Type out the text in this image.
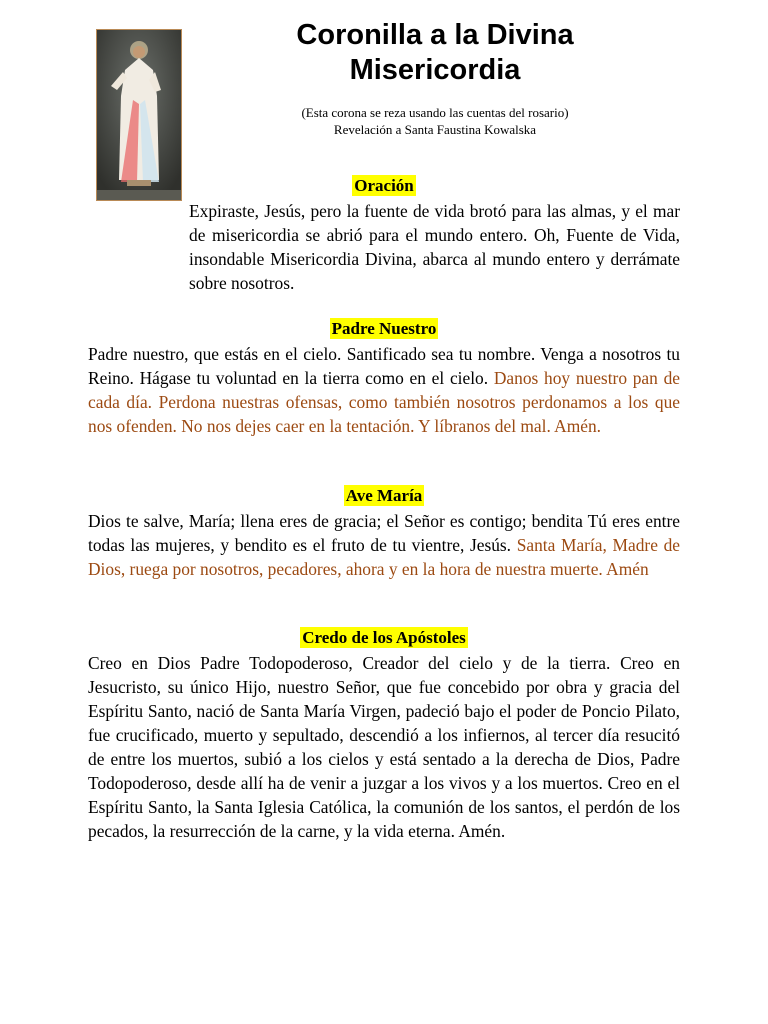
Coronilla a la Divina
Misericordia
(Esta corona se reza usando las cuentas del rosario)
Revelación a Santa Faustina Kowalska
Oración
Expiraste, Jesús, pero la fuente de vida brotó para las almas, y el mar de misericordia se abrió para el mundo entero. Oh, Fuente de Vida, insondable Misericordia Divina, abarca al mundo entero y derrámate sobre nosotros.
Padre Nuestro
Padre nuestro, que estás en el cielo. Santificado sea tu nombre. Venga a nosotros tu Reino. Hágase tu voluntad en la tierra como en el cielo. Danos hoy nuestro pan de cada día. Perdona nuestras ofensas, como también nosotros perdonamos a los que nos ofenden. No nos dejes caer en la tentación. Y líbranos del mal. Amén.
Ave María
Dios te salve, María; llena eres de gracia; el Señor es contigo; bendita Tú eres entre todas las mujeres, y bendito es el fruto de tu vientre, Jesús. Santa María, Madre de Dios, ruega por nosotros, pecadores, ahora y en la hora de nuestra muerte. Amén
Credo de los Apóstoles
Creo en Dios Padre Todopoderoso, Creador del cielo y de la tierra. Creo en Jesucristo, su único Hijo, nuestro Señor, que fue concebido por obra y gracia del Espíritu Santo, nació de Santa María Virgen, padeció bajo el poder de Poncio Pilato, fue crucificado, muerto y sepultado, descendió a los infiernos, al tercer día resucitó de entre los muertos, subió a los cielos y está sentado a la derecha de Dios, Padre Todopoderoso, desde allí ha de venir a juzgar a los vivos y a los muertos. Creo en el Espíritu Santo, la Santa Iglesia Católica, la comunión de los santos, el perdón de los pecados, la resurrección de la carne, y la vida eterna. Amén.
